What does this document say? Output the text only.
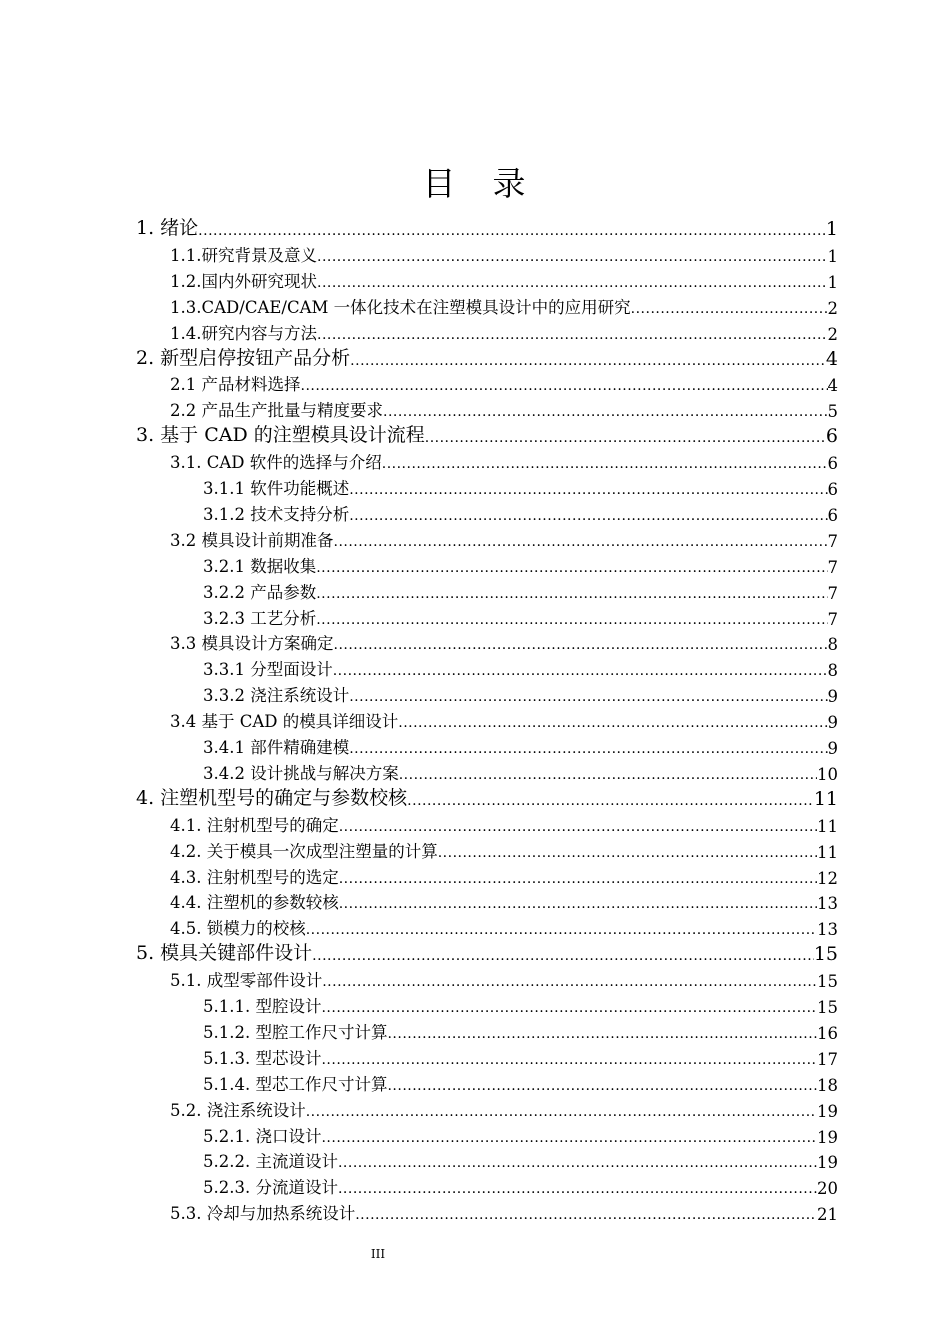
目　录
1. 绪论 .....	1
1.1.研究背景及意义 .....	1
1.2.国内外研究现状 .....	1
1.3.CAD/CAE/CAM 一体化技术在注塑模具设计中的应用研究 .....	2
1.4.研究内容与方法 .....	2
2. 新型启停按钮产品分析 .....	4
2.1 产品材料选择 .....	4
2.2 产品生产批量与精度要求 .....	5
3. 基于 CAD 的注塑模具设计流程 .....	6
3.1. CAD 软件的选择与介绍 .....	6
3.1.1 软件功能概述 .....	6
3.1.2 技术支持分析 .....	6
3.2 模具设计前期准备 .....	7
3.2.1 数据收集 .....	7
3.2.2 产品参数 .....	7
3.2.3 工艺分析 .....	7
3.3 模具设计方案确定 .....	8
3.3.1 分型面设计 .....	8
3.3.2 浇注系统设计 .....	9
3.4 基于 CAD 的模具详细设计 .....	9
3.4.1 部件精确建模 .....	9
3.4.2 设计挑战与解决方案 .....	10
4. 注塑机型号的确定与参数校核 .....	11
4.1. 注射机型号的确定 .....	11
4.2. 关于模具一次成型注塑量的计算 .....	11
4.3. 注射机型号的选定 .....	12
4.4. 注塑机的参数较核 .....	13
4.5. 锁模力的校核 .....	13
5. 模具关键部件设计 .....	15
5.1. 成型零部件设计 .....	15
5.1.1. 型腔设计 .....	15
5.1.2. 型腔工作尺寸计算 .....	16
5.1.3. 型芯设计 .....	17
5.1.4. 型芯工作尺寸计算 .....	18
5.2. 浇注系统设计 .....	19
5.2.1. 浇口设计 .....	19
5.2.2. 主流道设计 .....	19
5.2.3. 分流道设计 .....	20
5.3. 冷却与加热系统设计 .....	21
III
